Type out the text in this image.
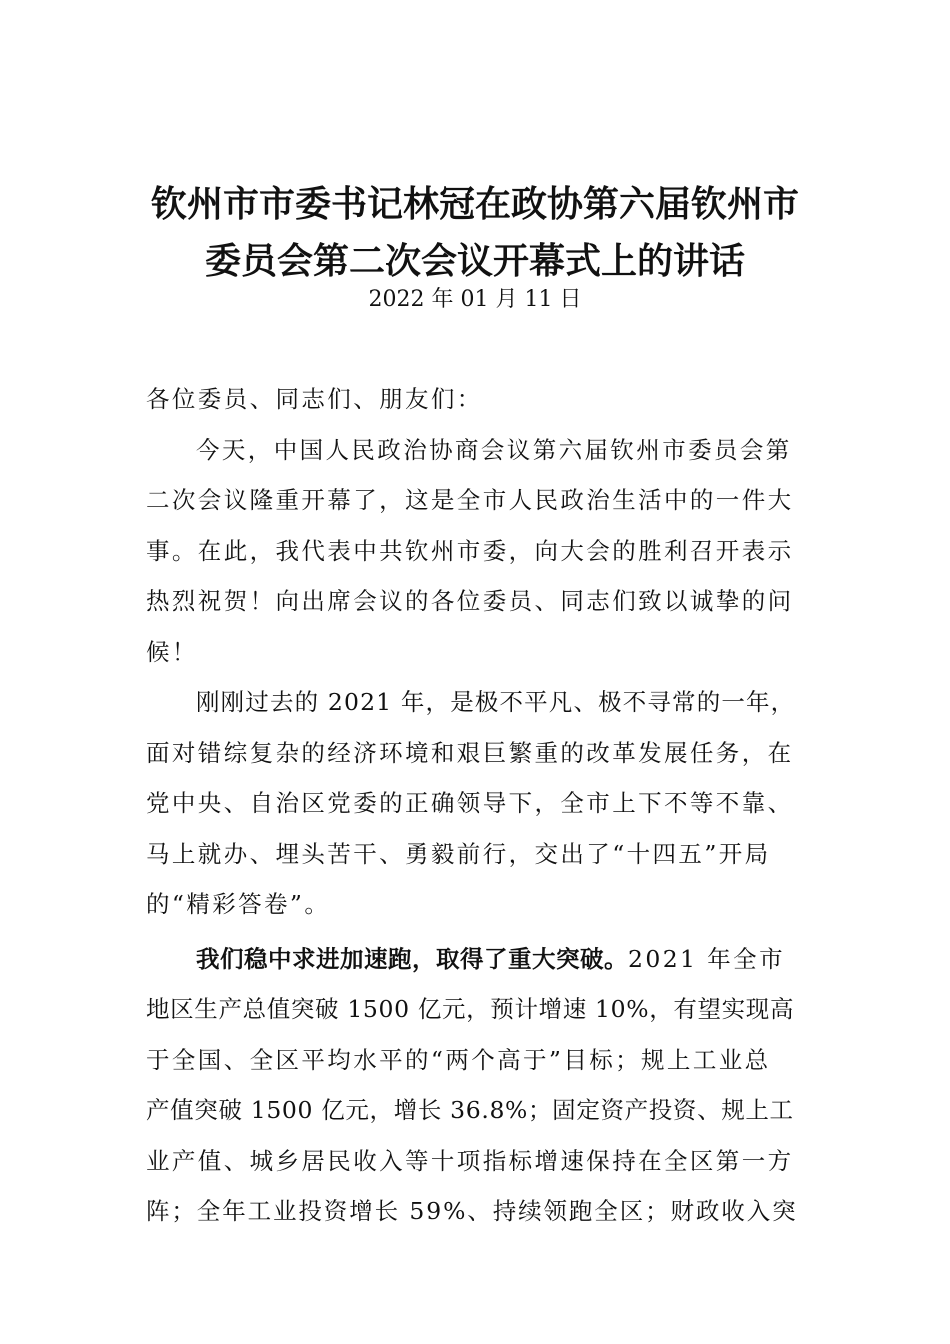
钦州市市委书记林冠在政协第六届钦州市
委员会第二次会议开幕式上的讲话
2022 年 01 月 11 日
各位委员、同志们、朋友们：
今天，中国人民政治协商会议第六届钦州市委员会第
二次会议隆重开幕了，这是全市人民政治生活中的一件大
事。在此，我代表中共钦州市委，向大会的胜利召开表示
热烈祝贺！向出席会议的各位委员、同志们致以诚挚的问
候！
刚刚过去的 2021 年，是极不平凡、极不寻常的一年，
面对错综复杂的经济环境和艰巨繁重的改革发展任务，在
党中央、自治区党委的正确领导下，全市上下不等不靠、
马上就办、埋头苦干、勇毅前行，交出了“十四五”开局
的“精彩答卷”。
我们稳中求进加速跑，取得了重大突破。2021 年全市
地区生产总值突破 1500 亿元，预计增速 10%，有望实现高
于全国、全区平均水平的“两个高于”目标；规上工业总
产值突破 1500 亿元，增长 36.8%；固定资产投资、规上工
业产值、城乡居民收入等十项指标增速保持在全区第一方
阵；全年工业投资增长 59%、持续领跑全区；财政收入突
